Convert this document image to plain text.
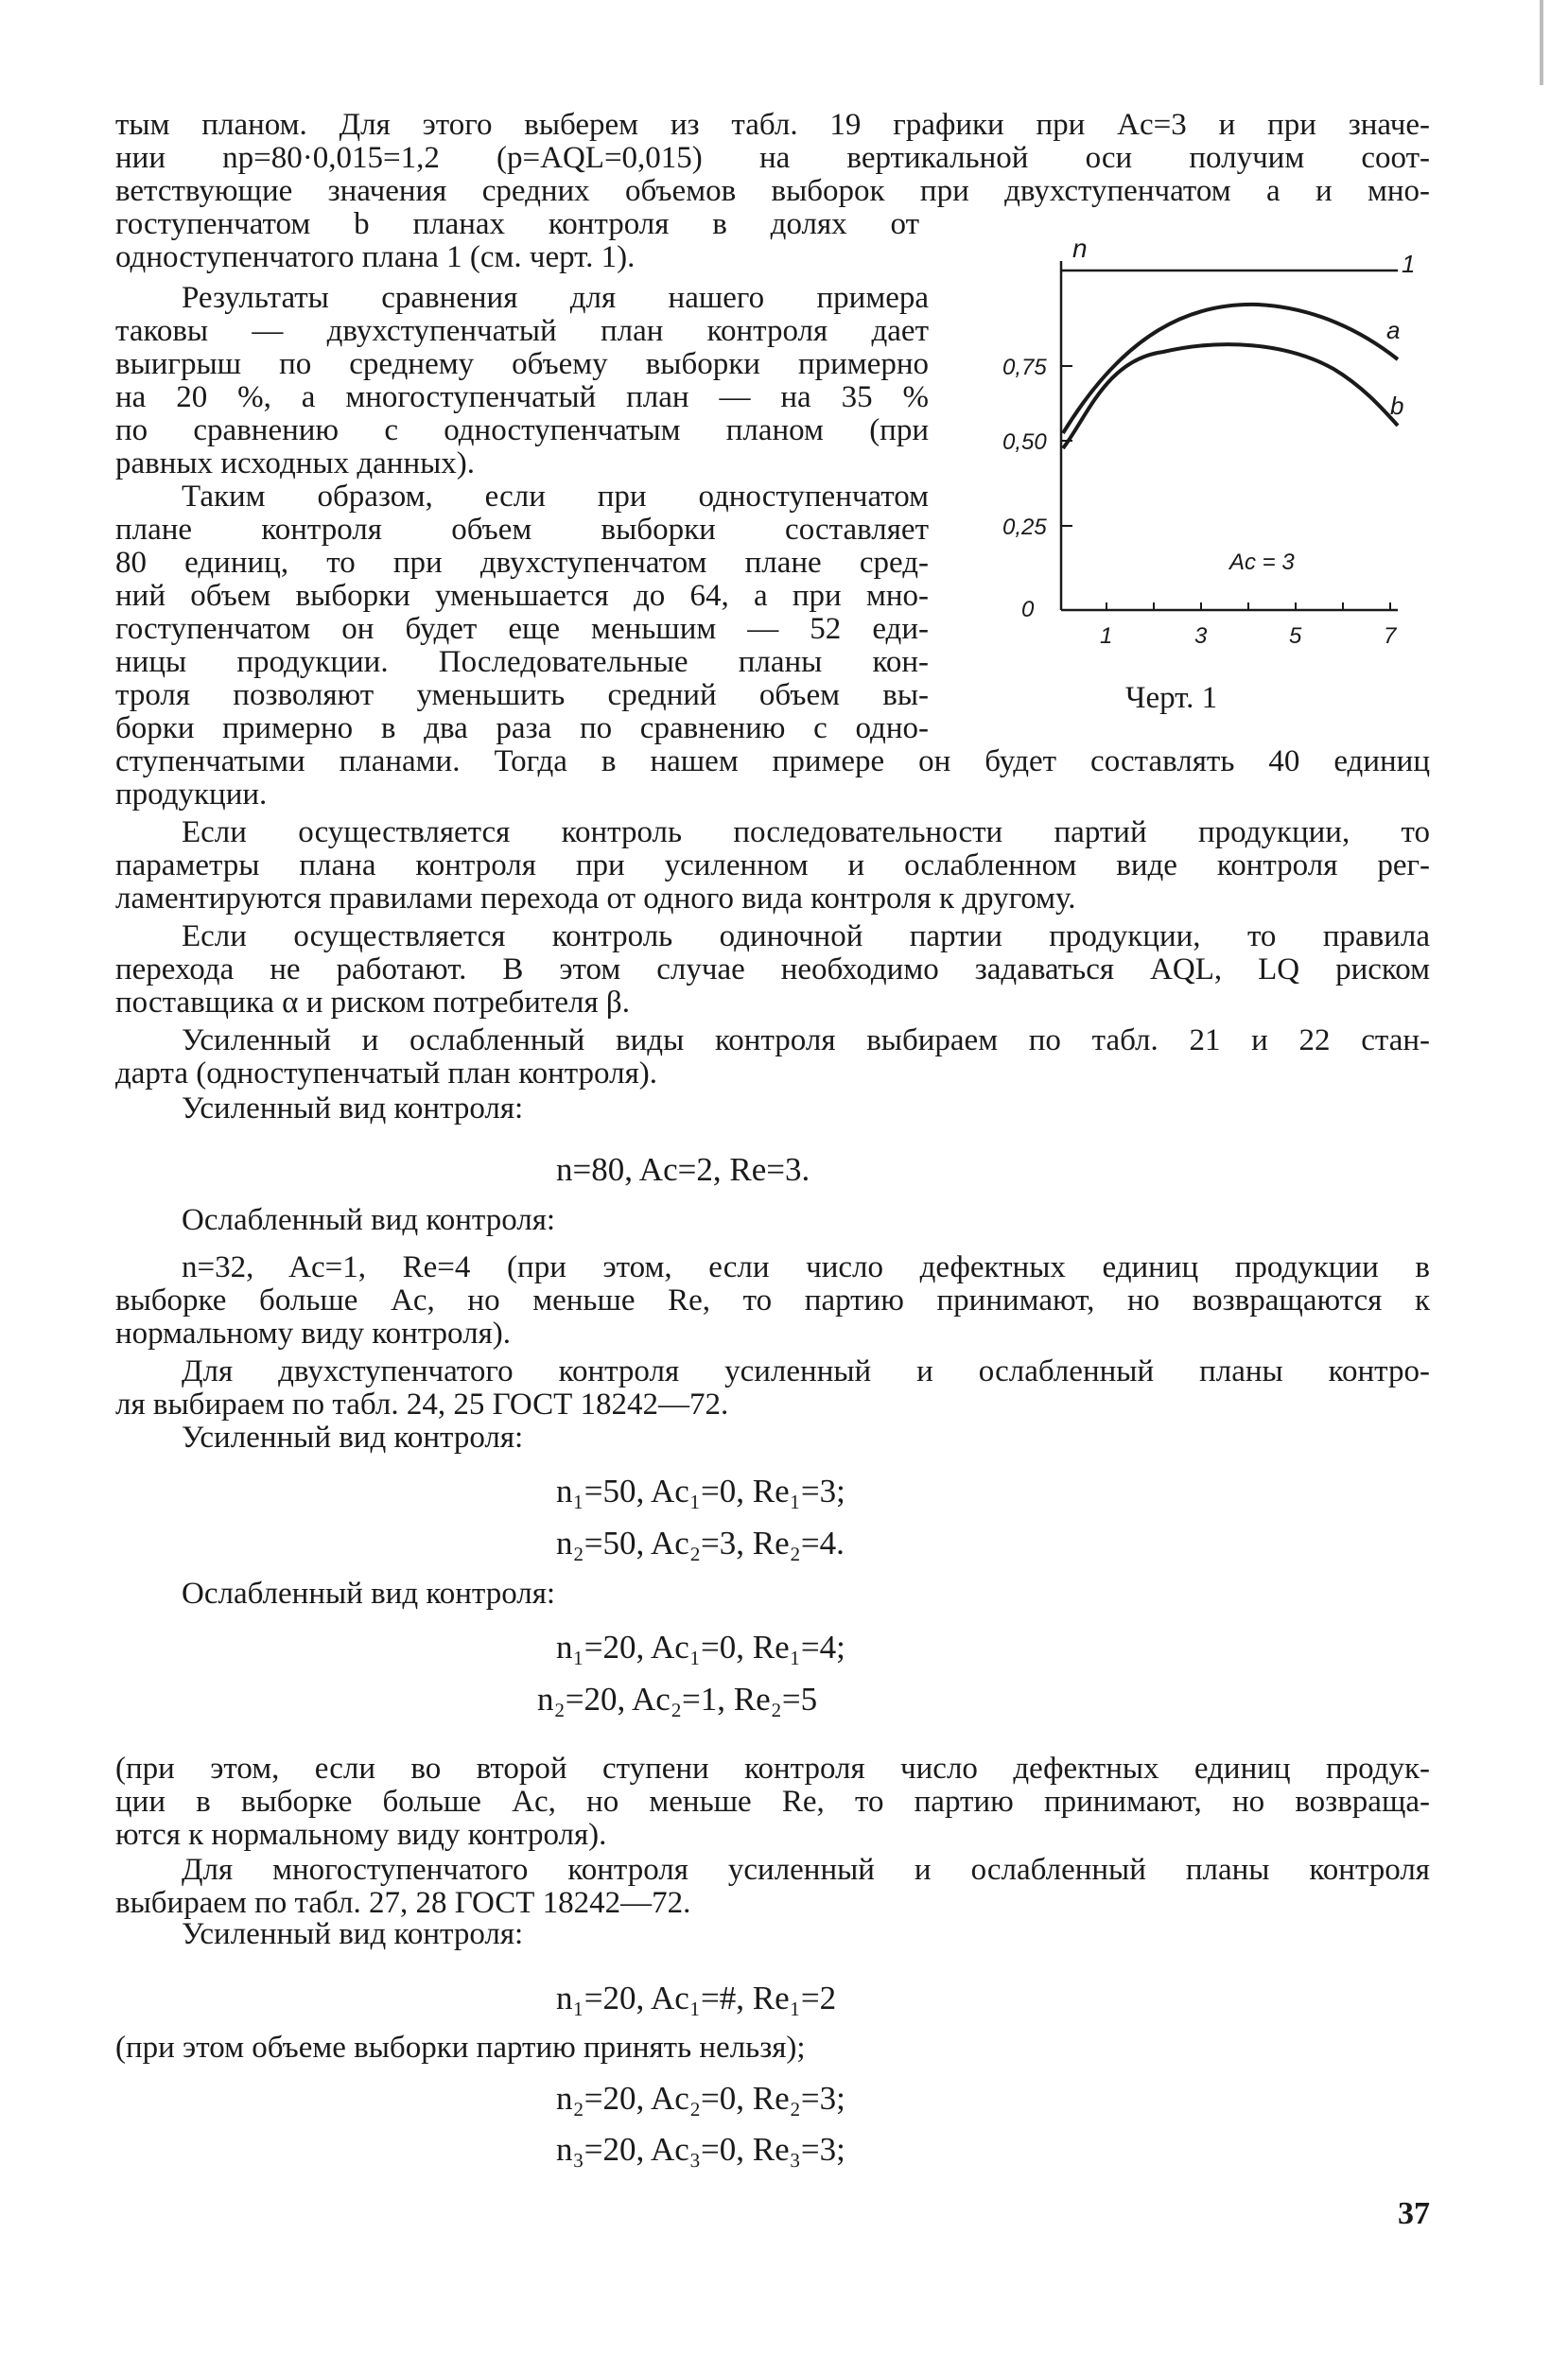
тым планом. Для этого выберем из табл. 19 графики при Ac=3 и при значе-
нии np=80·0,015=1,2 (p=AQL=0,015) на вертикальной оси получим соот-
ветствующие значения средних объемов выборок при двухступенчатом a и мно-
гоступенчатом b планах контроля в долях от
одноступенчатого плана 1 (см. черт. 1).
Результаты сравнения для нашего примера
таковы — двухступенчатый план контроля дает
выигрыш по среднему объему выборки примерно
на 20 %, а многоступенчатый план — на 35 %
по сравнению с одноступенчатым планом (при
равных исходных данных).
Таким образом, если при одноступенчатом
плане контроля объем выборки составляет
80 единиц, то при двухступенчатом плане сред-
ний объем выборки уменьшается до 64, а при мно-
гоступенчатом он будет еще меньшим — 52 еди-
ницы продукции. Последовательные планы кон-
троля позволяют уменьшить средний объем вы-
борки примерно в два раза по сравнению с одно-
ступенчатыми планами. Тогда в нашем примере он будет составлять 40 единиц
продукции.
n
0,75
0,50
0,25
0
1	3	5	7
1
a
b
Ac = 3
Черт. 1
Если осуществляется контроль последовательности партий продукции, то
параметры плана контроля при усиленном и ослабленном виде контроля рег-
ламентируются правилами перехода от одного вида контроля к другому.
Если осуществляется контроль одиночной партии продукции, то правила
перехода не работают. В этом случае необходимо задаваться AQL, LQ риском
поставщика α и риском потребителя β.
Усиленный и ослабленный виды контроля выбираем по табл. 21 и 22 стан-
дарта (одноступенчатый план контроля).
Усиленный вид контроля:
n=80, Ac=2, Re=3.
Ослабленный вид контроля:
n=32, Ac=1, Re=4 (при этом, если число дефектных единиц продукции в
выборке больше Ac, но меньше Re, то партию принимают, но возвращаются к
нормальному виду контроля).
Для двухступенчатого контроля усиленный и ослабленный планы контро-
ля выбираем по табл. 24, 25 ГОСТ 18242—72.
Усиленный вид контроля:
n₁=50, Ac₁=0, Re₁=3;
n₂=50, Ac₂=3, Re₂=4.
Ослабленный вид контроля:
n₁=20, Ac₁=0, Re₁=4;
n₂=20, Ac₂=1, Re₂=5
(при этом, если во второй ступени контроля число дефектных единиц продук-
ции в выборке больше Ac, но меньше Re, то партию принимают, но возвраща-
ются к нормальному виду контроля).
Для многоступенчатого контроля усиленный и ослабленный планы контроля
выбираем по табл. 27, 28 ГОСТ 18242—72.
Усиленный вид контроля:
n₁=20, Ac₁=#, Re₁=2
(при этом объеме выборки партию принять нельзя);
n₂=20, Ac₂=0, Re₂=3;
n₃=20, Ac₃=0, Re₃=3;
37
